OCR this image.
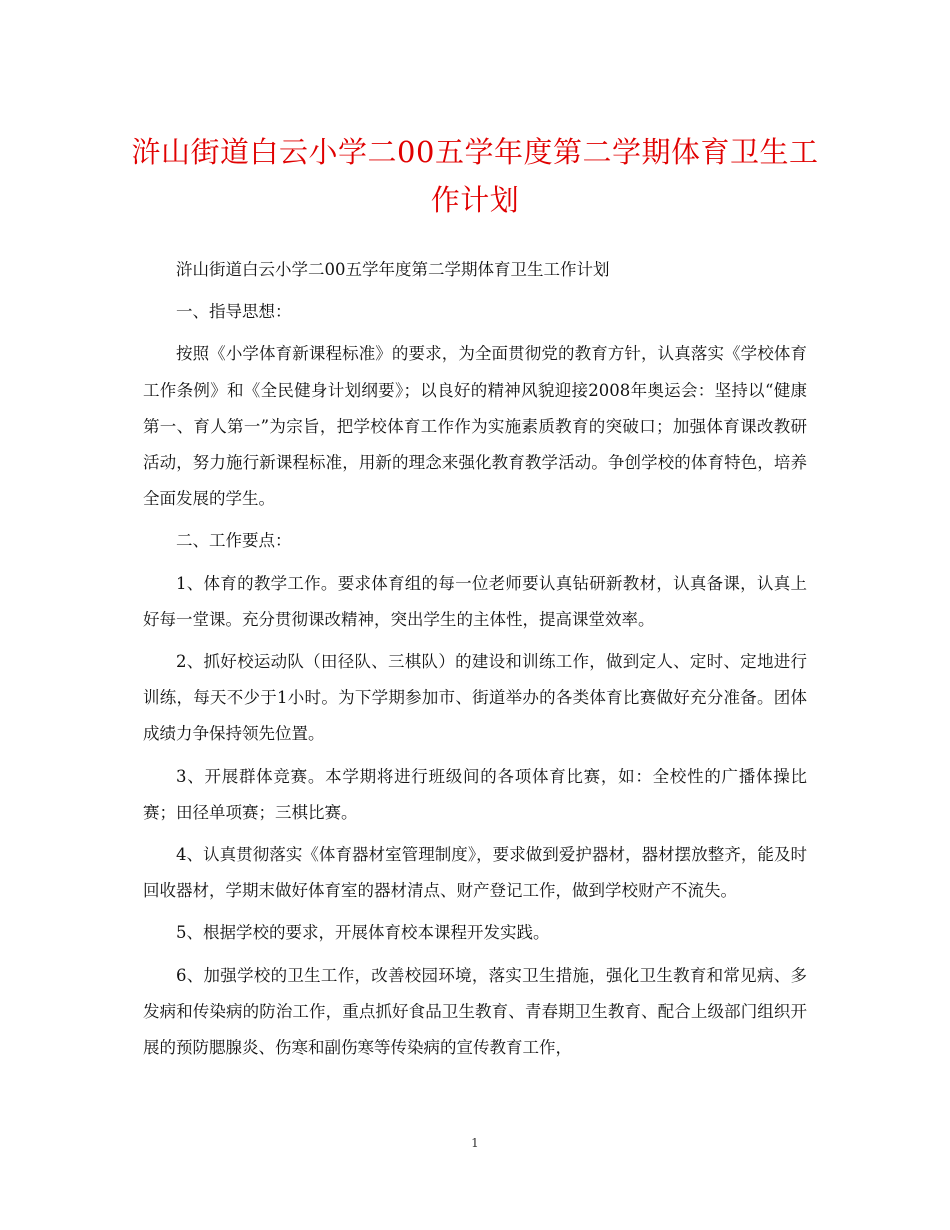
浒山街道白云小学二00五学年度第二学期体育卫生工作计划

浒山街道白云小学二00五学年度第二学期体育卫生工作计划

一、指导思想：

按照《小学体育新课程标准》的要求，为全面贯彻党的教育方针，认真落实《学校体育工作条例》和《全民健身计划纲要》；以良好的精神风貌迎接2008年奥运会：坚持以“健康第一、育人第一”为宗旨，把学校体育工作作为实施素质教育的突破口；加强体育课改教研活动，努力施行新课程标准，用新的理念来强化教育教学活动。争创学校的体育特色，培养全面发展的学生。

二、工作要点：

1、体育的教学工作。要求体育组的每一位老师要认真钻研新教材，认真备课，认真上好每一堂课。充分贯彻课改精神，突出学生的主体性，提高课堂效率。

2、抓好校运动队（田径队、三棋队）的建设和训练工作，做到定人、定时、定地进行训练，每天不少于1小时。为下学期参加市、街道举办的各类体育比赛做好充分准备。团体成绩力争保持领先位置。

3、开展群体竞赛。本学期将进行班级间的各项体育比赛，如：全校性的广播体操比赛；田径单项赛；三棋比赛。

4、认真贯彻落实《体育器材室管理制度》，要求做到爱护器材，器材摆放整齐，能及时回收器材，学期末做好体育室的器材清点、财产登记工作，做到学校财产不流失。

5、根据学校的要求，开展体育校本课程开发实践。

6、加强学校的卫生工作，改善校园环境，落实卫生措施，强化卫生教育和常见病、多发病和传染病的防治工作，重点抓好食品卫生教育、青春期卫生教育、配合上级部门组织开展的预防腮腺炎、伤寒和副伤寒等传染病的宣传教育工作，

1
